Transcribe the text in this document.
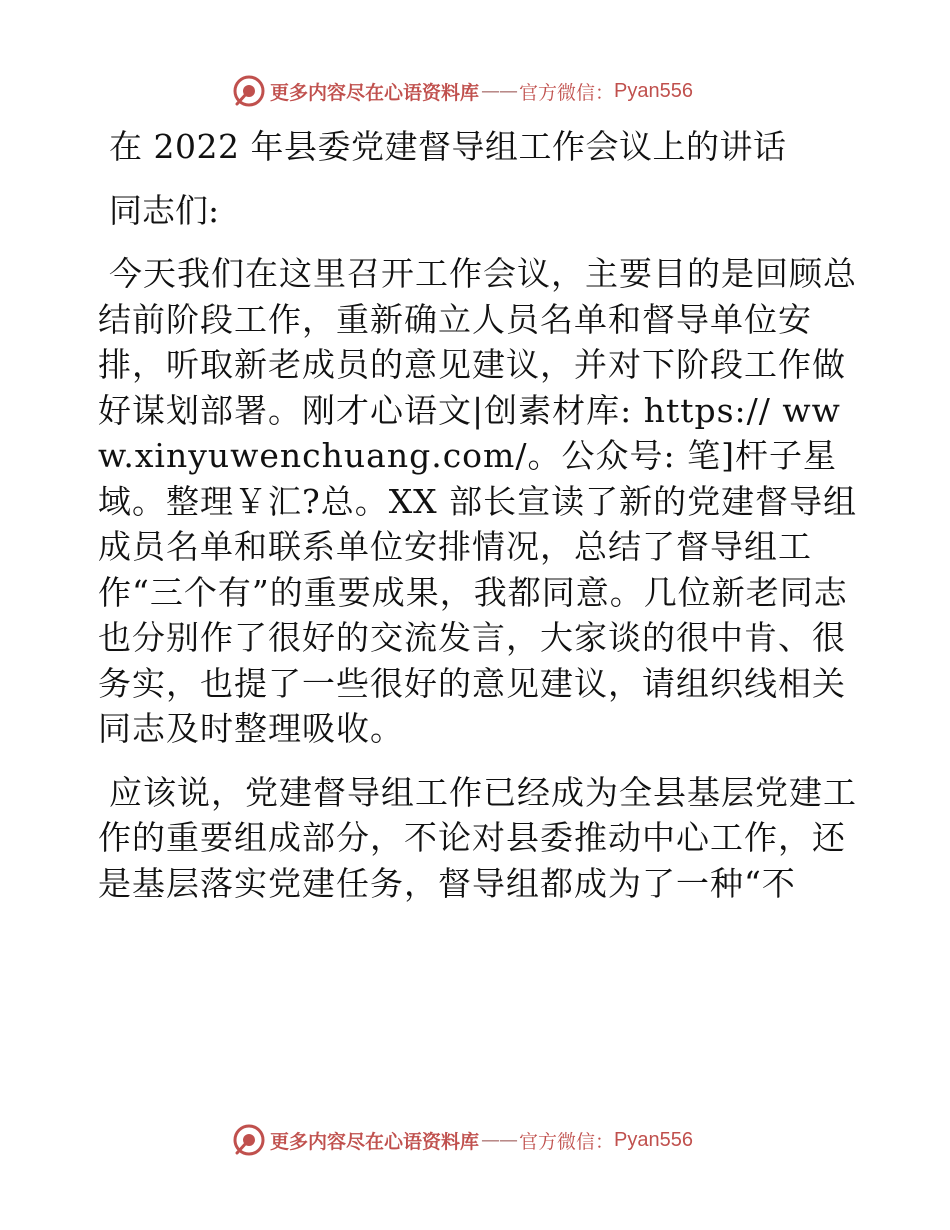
更多内容尽在心语资料库 —— 官方微信： Pyan556

在 2022 年县委党建督导组工作会议上的讲话

同志们:

今天我们在这里召开工作会议，主要目的是回顾总结前阶段工作，重新确立人员名单和督导单位安排，听取新老成员的意见建议，并对下阶段工作做好谋划部署。刚才心语文|创素材库: https:// www.xinyuwenchuang.com/。公众号: 笔]杆子星域。整理￥汇?总。XX 部长宣读了新的党建督导组成员名单和联系单位安排情况，总结了督导组工作“三个有”的重要成果，我都同意。几位新老同志也分别作了很好的交流发言，大家谈的很中肯、很务实，也提了一些很好的意见建议，请组织线相关同志及时整理吸收。

应该说，党建督导组工作已经成为全县基层党建工作的重要组成部分，不论对县委推动中心工作，还是基层落实党建任务，督导组都成为了一种“不

更多内容尽在心语资料库 —— 官方微信： Pyan556
